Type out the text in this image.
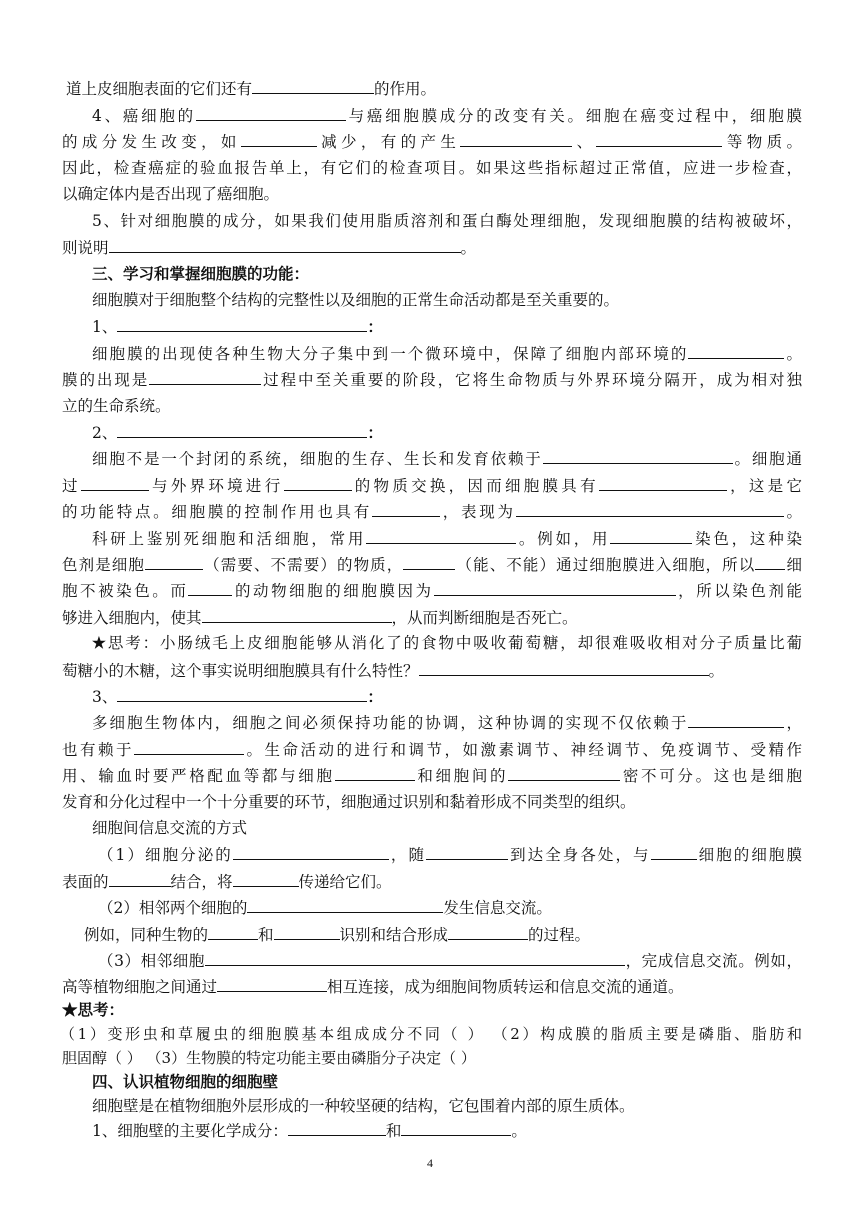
道上皮细胞表面的它们还有	的作用。
4、癌细胞的	与癌细胞膜成分的改变有关。细胞在癌变过程中，细胞膜
的成分发生改变，如	减少，有的产生	、	等物质。
因此，检查癌症的验血报告单上，有它们的检查项目。如果这些指标超过正常值，应进一步检查，
以确定体内是否出现了癌细胞。
5、针对细胞膜的成分，如果我们使用脂质溶剂和蛋白酶处理细胞，发现细胞膜的结构被破坏，
则说明	。
三、学习和掌握细胞膜的功能：
细胞膜对于细胞整个结构的完整性以及细胞的正常生命活动都是至关重要的。
1、	：
细胞膜的出现使各种生物大分子集中到一个微环境中，保障了细胞内部环境的	。
膜的出现是	过程中至关重要的阶段，它将生命物质与外界环境分隔开，成为相对独
立的生命系统。
2、	：
细胞不是一个封闭的系统，细胞的生存、生长和发育依赖于	。细胞通
过	与外界环境进行	的物质交换，因而细胞膜具有	，这是它
的功能特点。细胞膜的控制作用也具有	，表现为	。
科研上鉴别死细胞和活细胞，常用	。例如，用	染色，这种染
色剂是细胞	（需要、不需要）的物质，	（能、不能）通过细胞膜进入细胞，所以 细
胞不被染色。而	的动物细胞的细胞膜因为	，所以染色剂能
够进入细胞内，使其	，从而判断细胞是否死亡。
★思考：小肠绒毛上皮细胞能够从消化了的食物中吸收葡萄糖，却很难吸收相对分子质量比葡
萄糖小的木糖，这个事实说明细胞膜具有什么特性？	。
3、	：
多细胞生物体内，细胞之间必须保持功能的协调，这种协调的实现不仅依赖于	，
也有赖于	。生命活动的进行和调节，如激素调节、神经调节、免疫调节、受精作
用、输血时要严格配血等都与细胞	和细胞间的	密不可分。这也是细胞
发育和分化过程中一个十分重要的环节，细胞通过识别和黏着形成不同类型的组织。
细胞间信息交流的方式
（1）细胞分泌的	，随	到达全身各处，与	细胞的细胞膜
表面的	结合，将	传递给它们。
（2）相邻两个细胞的	发生信息交流。
例如，同种生物的	和	识别和结合形成	的过程。
（3）相邻细胞	，完成信息交流。例如，
高等植物细胞之间通过	相互连接，成为细胞间物质转运和信息交流的通道。
★思考：
（1）变形虫和草履虫的细胞膜基本组成成分不同（ ） （2）构成膜的脂质主要是磷脂、脂肪和
胆固醇（ ） （3）生物膜的特定功能主要由磷脂分子决定（ ）
四、认识植物细胞的细胞壁
细胞壁是在植物细胞外层形成的一种较坚硬的结构，它包围着内部的原生质体。
1、细胞壁的主要化学成分：	和	。
4
